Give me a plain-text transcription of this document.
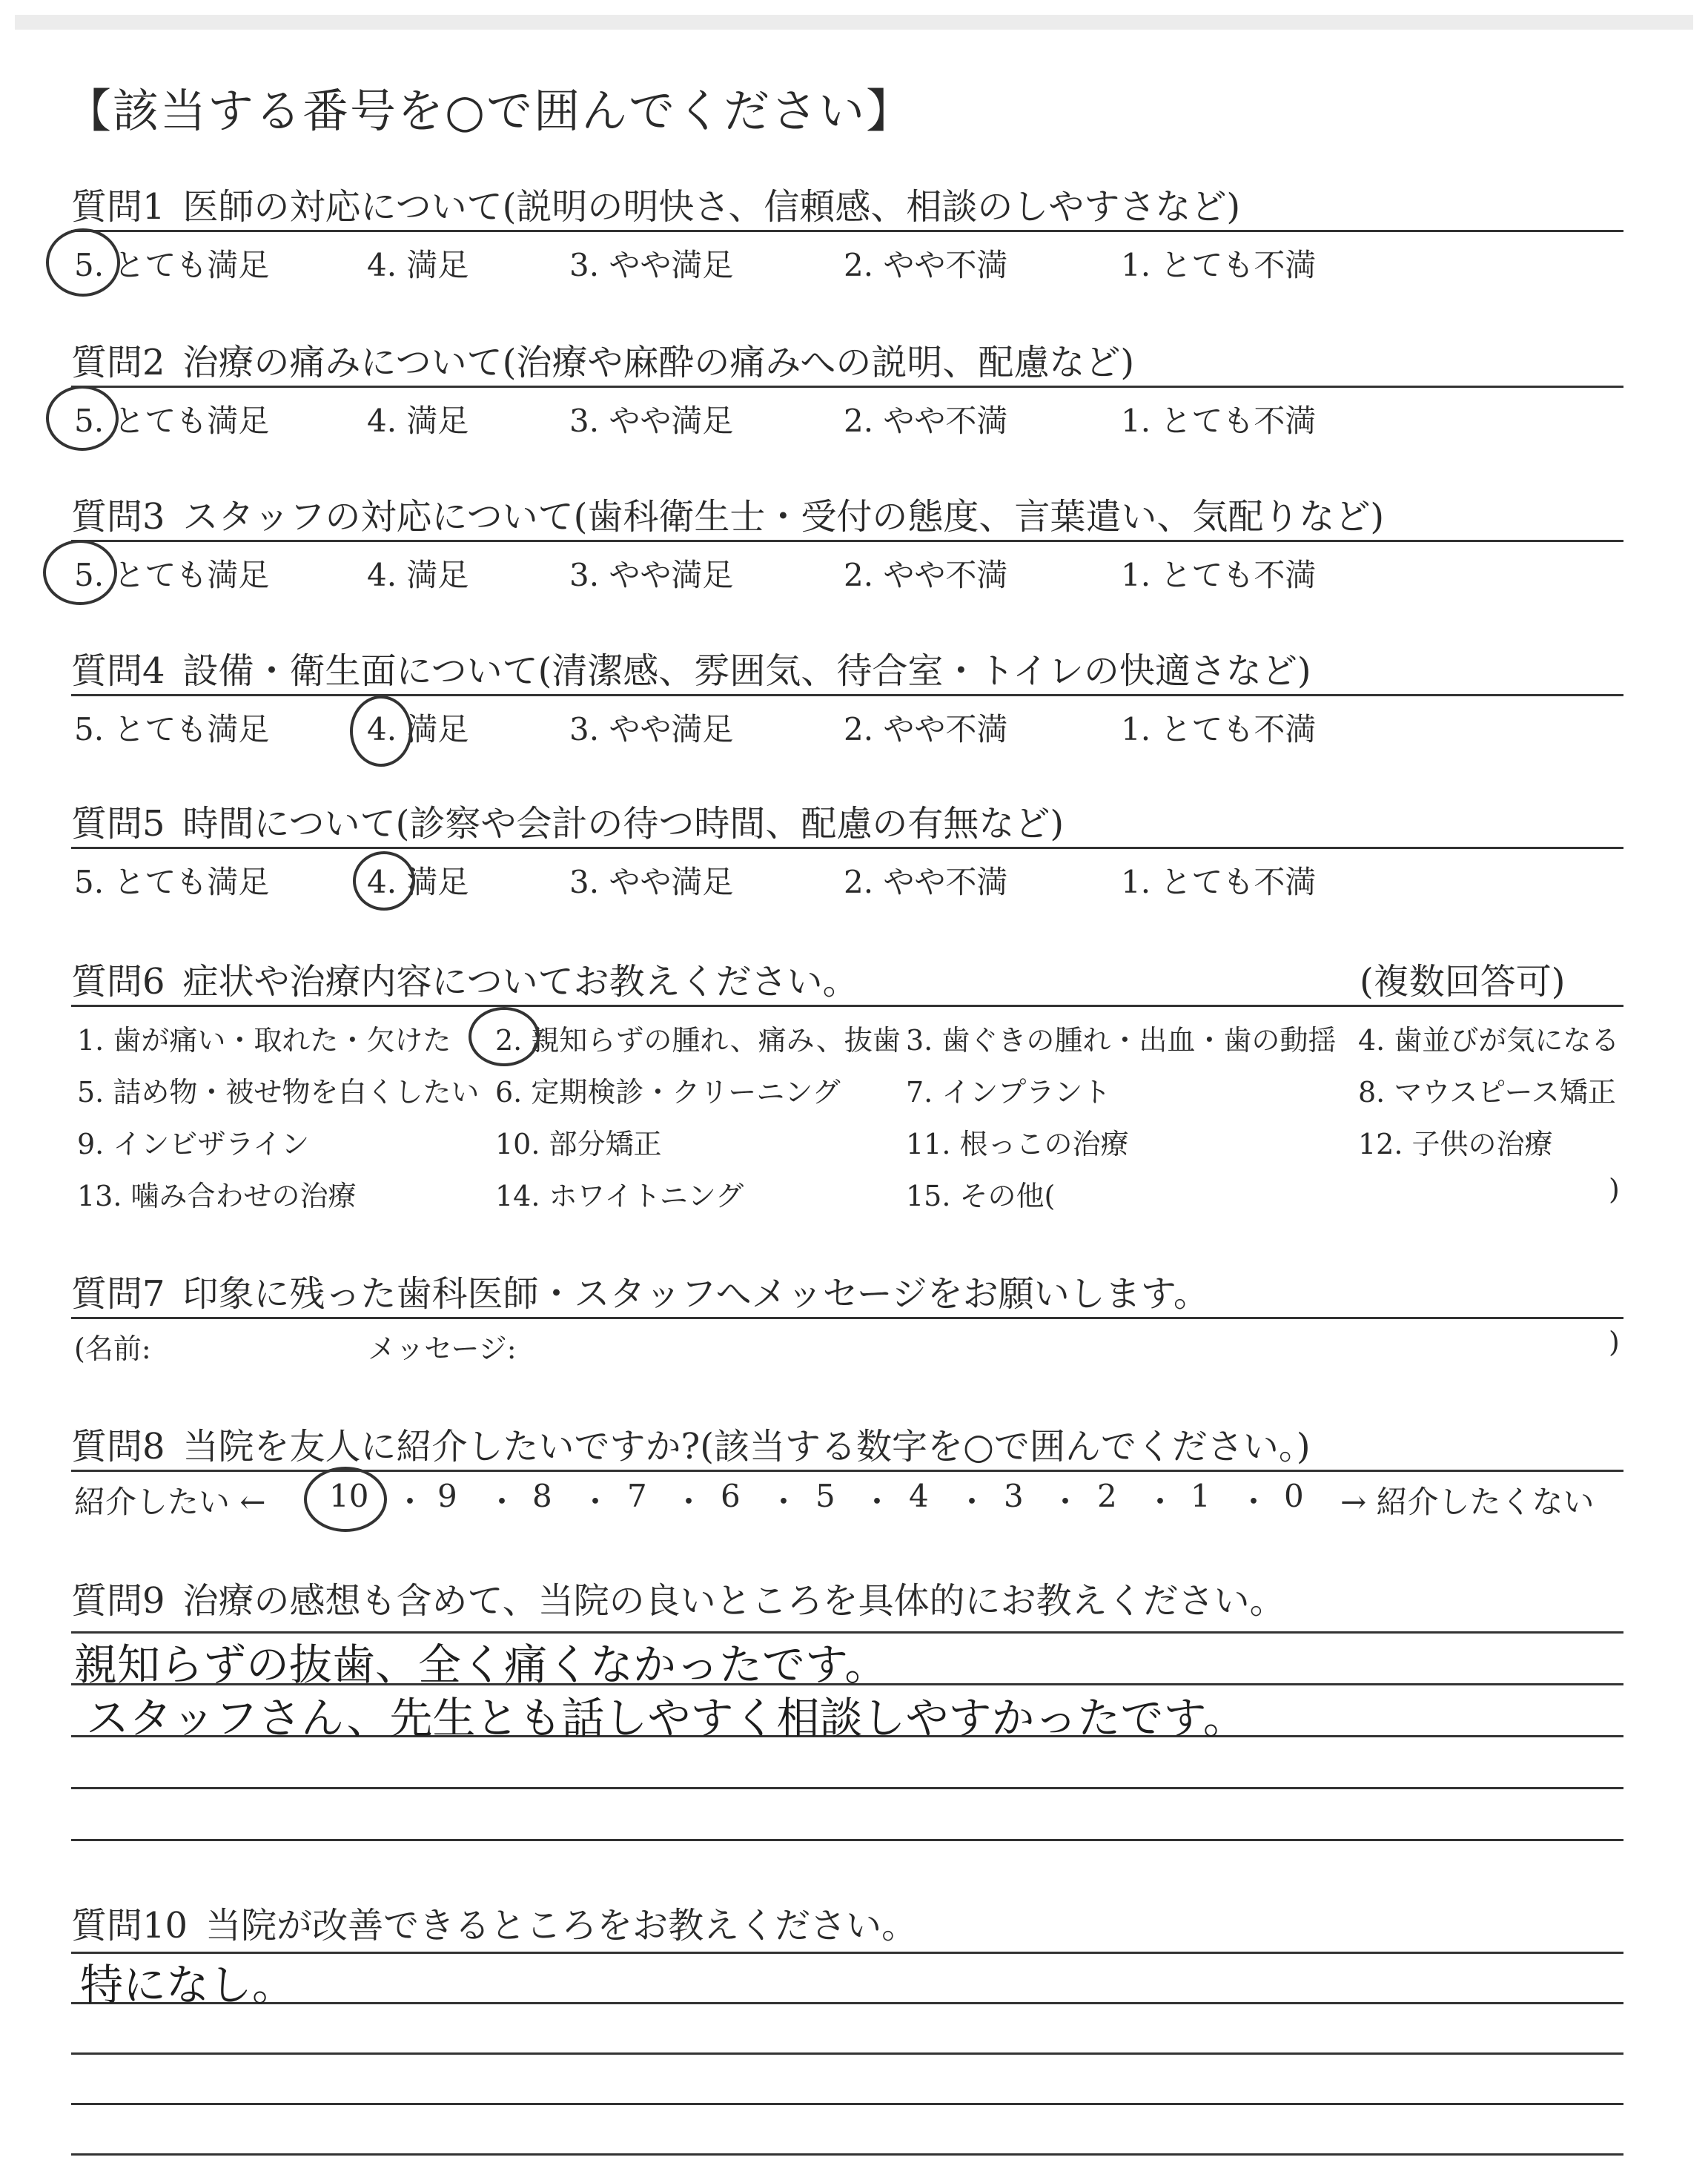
【該当する番号を○で囲んでください】
質問1 医師の対応について(説明の明快さ、信頼感、相談のしやすさなど)
5. とても満足	4. 満足	3. やや満足	2. やや不満	1. とても不満
質問2 治療の痛みについて(治療や麻酔の痛みへの説明、配慮など)
5. とても満足	4. 満足	3. やや満足	2. やや不満	1. とても不満
質問3 スタッフの対応について(歯科衛生士・受付の態度、言葉遣い、気配りなど)
5. とても満足	4. 満足	3. やや満足	2. やや不満	1. とても不満
質問4 設備・衛生面について(清潔感、雰囲気、待合室・トイレの快適さなど)
5. とても満足	4. 満足	3. やや満足	2. やや不満	1. とても不満
質問5 時間について(診察や会計の待つ時間、配慮の有無など)
5. とても満足	4. 満足	3. やや満足	2. やや不満	1. とても不満
質問6 症状や治療内容についてお教えください。	(複数回答可)
1. 歯が痛い・取れた・欠けた 2. 親知らずの腫れ、痛み、抜歯 3. 歯ぐきの腫れ・出血・歯の動揺 4. 歯並びが気になる
5. 詰め物・被せ物を白くしたい 6. 定期検診・クリーニング 7. インプラント	8. マウスピース矯正
9. インビザライン	10. 部分矯正	11. 根っこの治療	12. 子供の治療
13. 噛み合わせの治療	14. ホワイトニング	15. その他(	)
質問7 印象に残った歯科医師・スタッフへメッセージをお願いします。
(名前:	メッセージ:	)
質問8 当院を友人に紹介したいですか?(該当する数字を○で囲んでください。)
紹介したい ← 10 ・ 9 ・ 8 ・ 7 ・ 6 ・ 5 ・ 4 ・ 3 ・ 2 ・ 1 ・ 0 → 紹介したくない
質問9 治療の感想も含めて、当院の良いところを具体的にお教えください。
親知らずの抜歯、全く痛くなかったです。
スタッフさん、先生とも話しやすく相談しやすかったです。
質問10 当院が改善できるところをお教えください。
特になし。
